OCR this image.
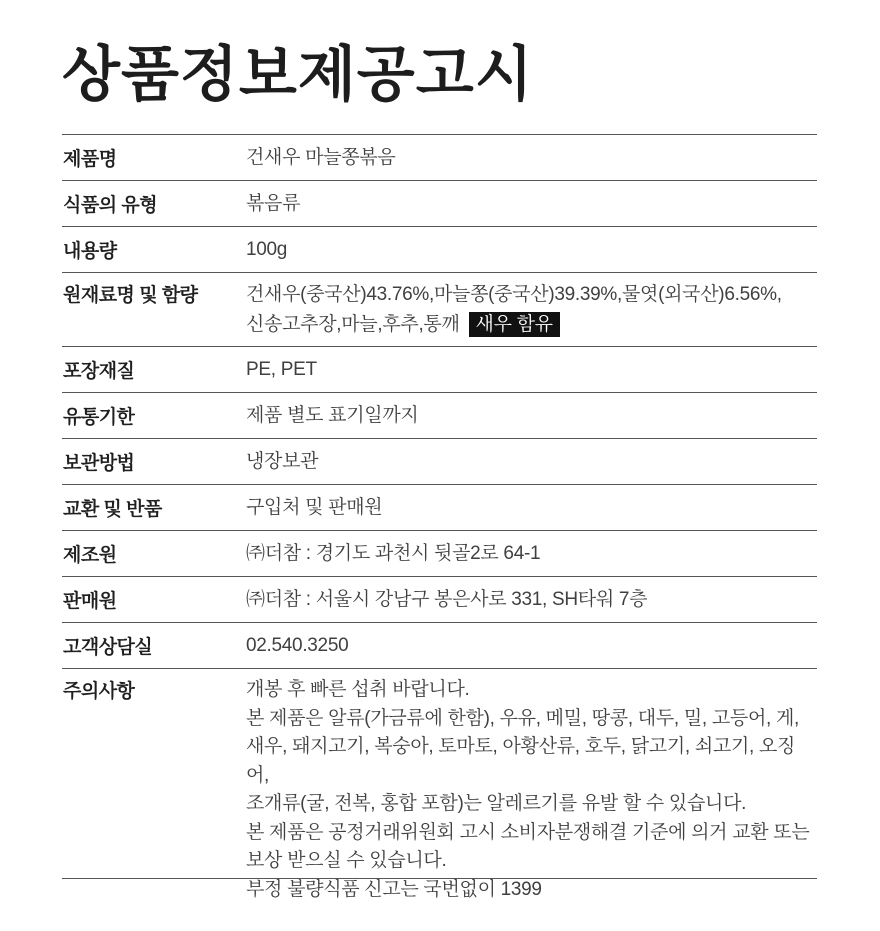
상품정보제공고시
제품명	건새우 마늘쫑볶음
식품의 유형	볶음류
내용량	100g
원재료명 및 함량	건새우(중국산)43.76%,마늘쫑(중국산)39.39%,물엿(외국산)6.56%,
신송고추장,마늘,후추,통깨 새우 함유
포장재질	PE, PET
유통기한	제품 별도 표기일까지
보관방법	냉장보관
교환 및 반품	구입처 및 판매원
제조원	㈜더참 : 경기도 과천시 뒷골2로 64-1
판매원	㈜더참 : 서울시 강남구 봉은사로 331, SH타워 7층
고객상담실	02.540.3250
주의사항	개봉 후 빠른 섭취 바랍니다.
본 제품은 알류(가금류에 한함), 우유, 메밀, 땅콩, 대두, 밀, 고등어, 게,
새우, 돼지고기, 복숭아, 토마토, 아황산류, 호두, 닭고기, 쇠고기, 오징어,
조개류(굴, 전복, 홍합 포함)는 알레르기를 유발 할 수 있습니다.
본 제품은 공정거래위원회 고시 소비자분쟁해결 기준에 의거 교환 또는
보상 받으실 수 있습니다.
부정 불량식품 신고는 국번없이 1399
